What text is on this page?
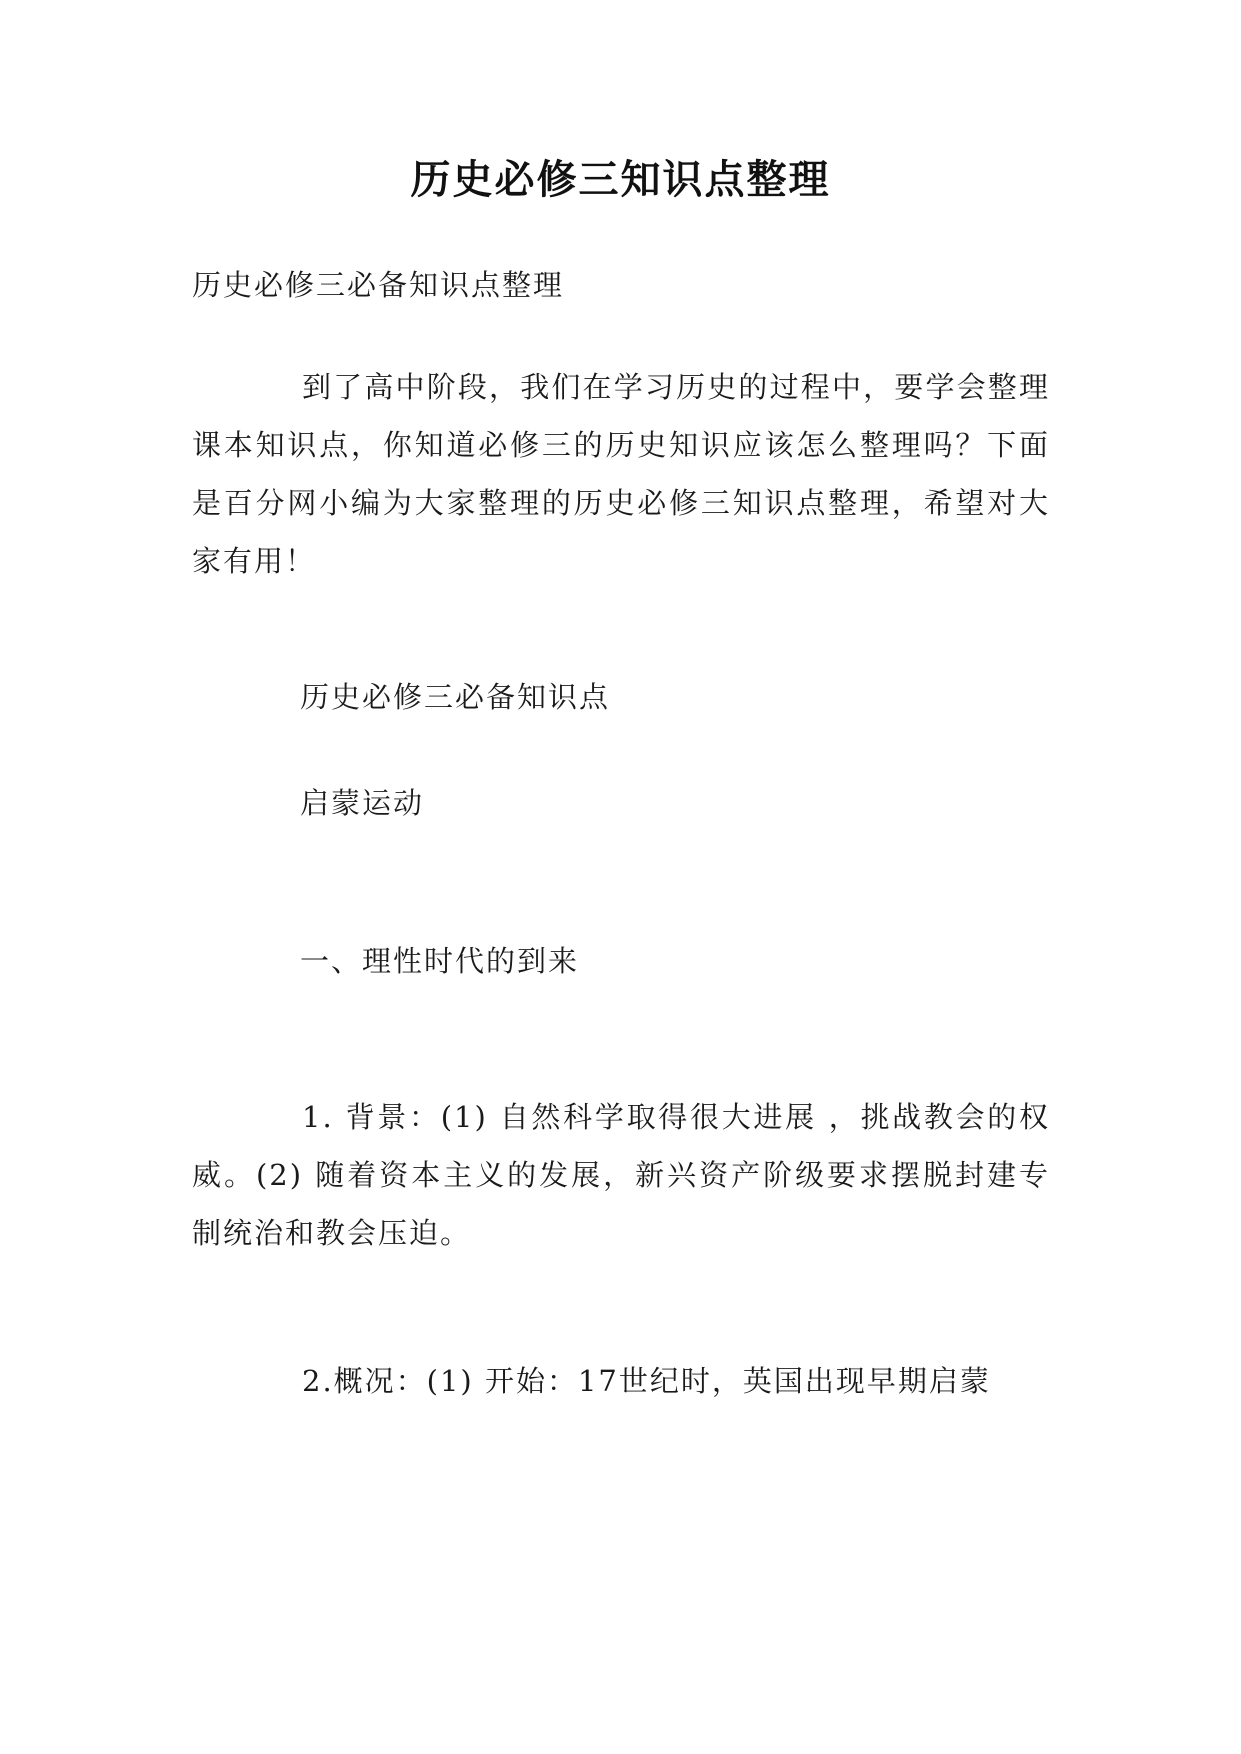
历史必修三知识点整理

历史必修三必备知识点整理

到了高中阶段，我们在学习历史的过程中，要学会整理课本知识点，你知道必修三的历史知识应该怎么整理吗？下面是百分网小编为大家整理的历史必修三知识点整理，希望对大家有用！

历史必修三必备知识点

启蒙运动

一、理性时代的到来

1. 背景：(1) 自然科学取得很大进展 ，挑战教会的权威。(2) 随着资本主义的发展，新兴资产阶级要求摆脱封建专制统治和教会压迫。

2.概况：(1) 开始：17世纪时，英国出现早期启蒙
